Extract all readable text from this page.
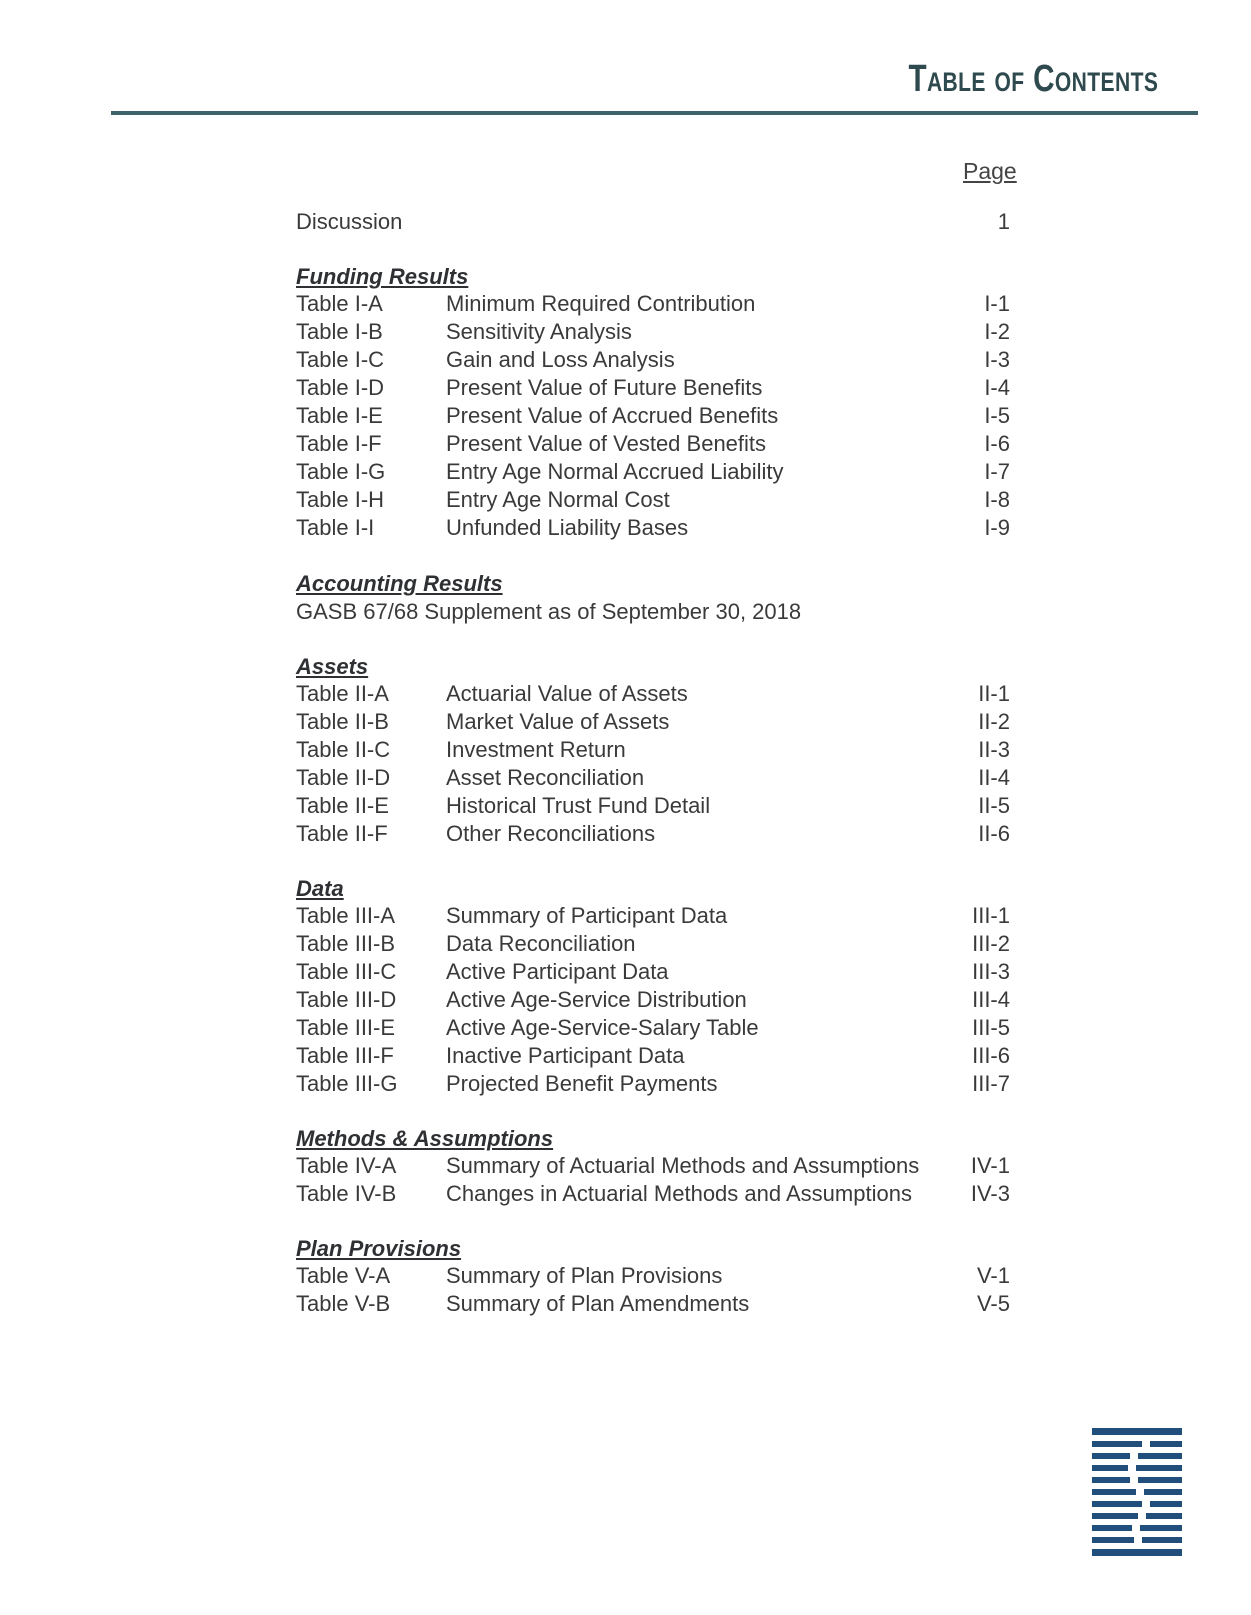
Table of Contents
Page
Discussion	1
Funding Results
Table I-A	Minimum Required Contribution	I-1
Table I-B	Sensitivity Analysis	I-2
Table I-C	Gain and Loss Analysis	I-3
Table I-D	Present Value of Future Benefits	I-4
Table I-E	Present Value of Accrued Benefits	I-5
Table I-F	Present Value of Vested Benefits	I-6
Table I-G	Entry Age Normal Accrued Liability	I-7
Table I-H	Entry Age Normal Cost	I-8
Table I-I	Unfunded Liability Bases	I-9
Accounting Results
GASB 67/68 Supplement as of September 30, 2018
Assets
Table II-A	Actuarial Value of Assets	II-1
Table II-B	Market Value of Assets	II-2
Table II-C	Investment Return	II-3
Table II-D	Asset Reconciliation	II-4
Table II-E	Historical Trust Fund Detail	II-5
Table II-F	Other Reconciliations	II-6
Data
Table III-A Summary of Participant Data	III-1
Table III-B Data Reconciliation	III-2
Table III-C Active Participant Data	III-3
Table III-D Active Age-Service Distribution	III-4
Table III-E Active Age-Service-Salary Table	III-5
Table III-F Inactive Participant Data	III-6
Table III-G Projected Benefit Payments	III-7
Methods & Assumptions
Table IV-A Summary of Actuarial Methods and Assumptions IV-1
Table IV-B Changes in Actuarial Methods and Assumptions	IV-3
Plan Provisions
Table V-A	Summary of Plan Provisions	V-1
Table V-B	Summary of Plan Amendments	V-5
